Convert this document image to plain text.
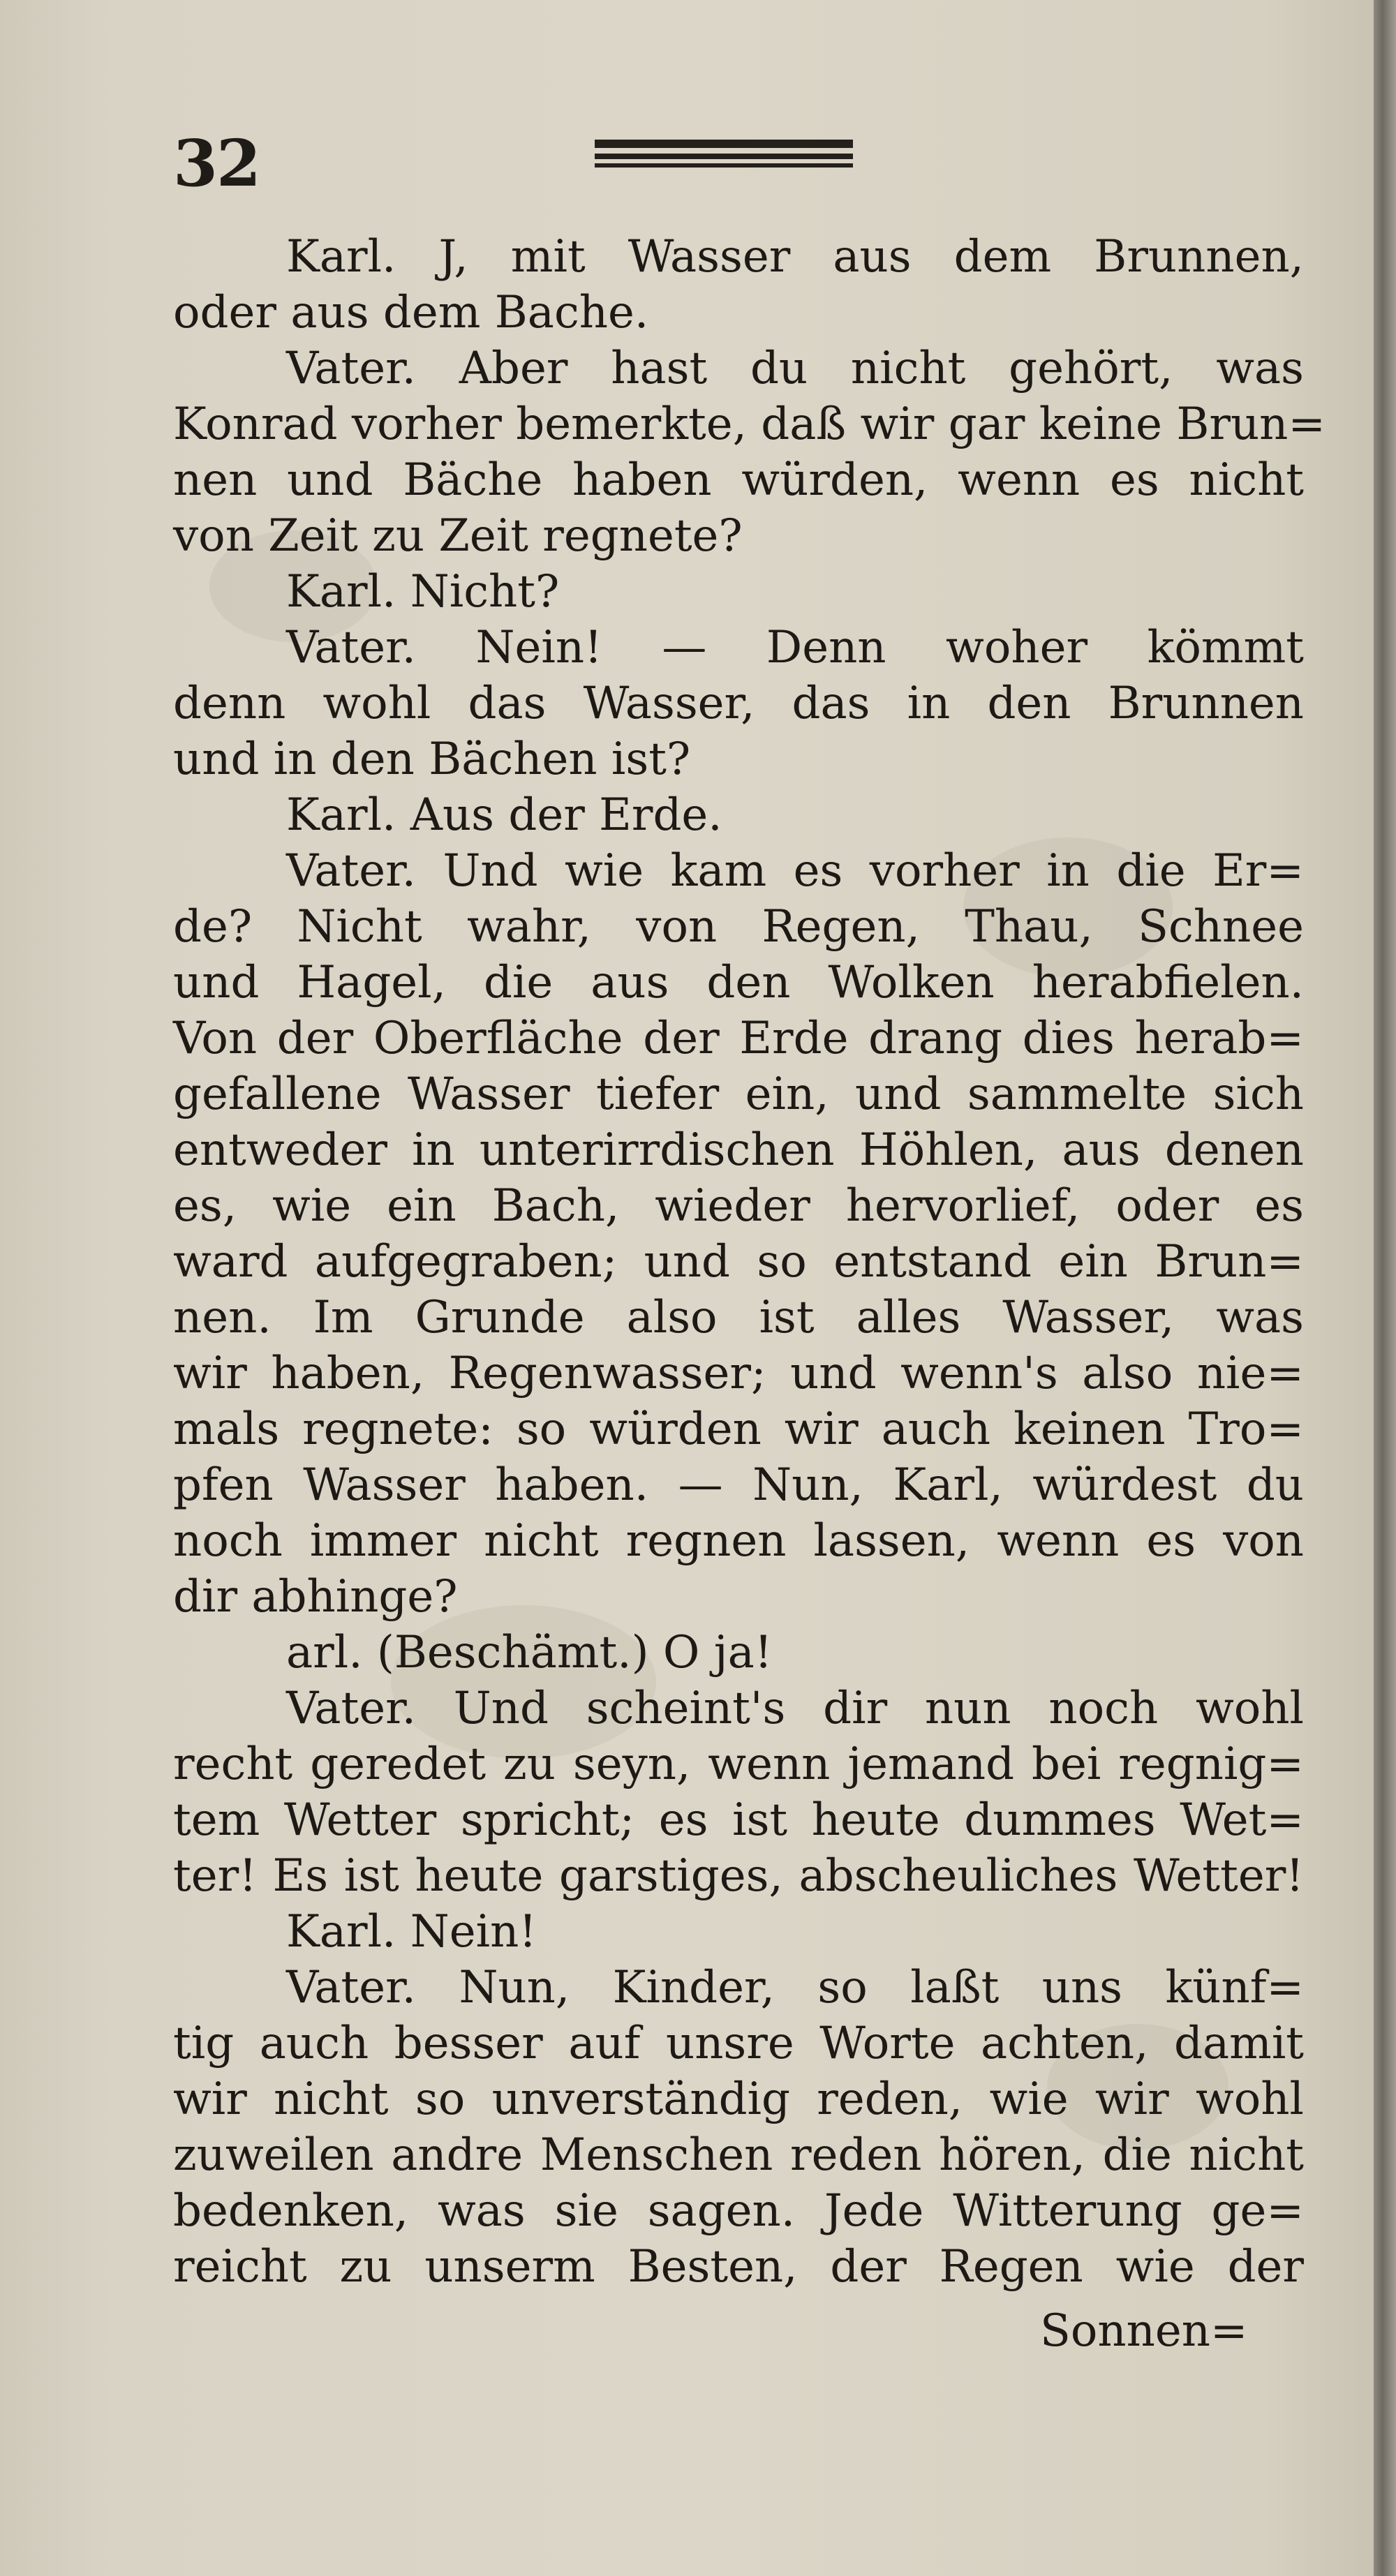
32
Karl. J, mit Wasser aus dem Brunnen,
oder aus dem Bache.
Vater. Aber hast du nicht gehört, was
Konrad vorher bemerkte, daß wir gar keine Brun=
nen und Bäche haben würden, wenn es nicht
von Zeit zu Zeit regnete?
Karl. Nicht?
Vater. Nein! — Denn woher kömmt
denn wohl das Wasser, das in den Brunnen
und in den Bächen ist?
Karl. Aus der Erde.
Vater. Und wie kam es vorher in die Er=
de? Nicht wahr, von Regen, Thau, Schnee
und Hagel, die aus den Wolken herabfielen.
Von der Oberfläche der Erde drang dies herab=
gefallene Wasser tiefer ein, und sammelte sich
entweder in unterirrdischen Höhlen, aus denen
es, wie ein Bach, wieder hervorlief, oder es
ward aufgegraben; und so entstand ein Brun=
nen. Im Grunde also ist alles Wasser, was
wir haben, Regenwasser; und wenn's also nie=
mals regnete: so würden wir auch keinen Tro=
pfen Wasser haben. — Nun, Karl, würdest du
noch immer nicht regnen lassen, wenn es von
dir abhinge?
arl. (Beschämt.) O ja!
Vater. Und scheint's dir nun noch wohl
recht geredet zu seyn, wenn jemand bei regnig=
tem Wetter spricht; es ist heute dummes Wet=
ter! Es ist heute garstiges, abscheuliches Wetter!
Karl. Nein!
Vater. Nun, Kinder, so laßt uns künf=
tig auch besser auf unsre Worte achten, damit
wir nicht so unverständig reden, wie wir wohl
zuweilen andre Menschen reden hören, die nicht
bedenken, was sie sagen. Jede Witterung ge=
reicht zu unserm Besten, der Regen wie der
Sonnen=
